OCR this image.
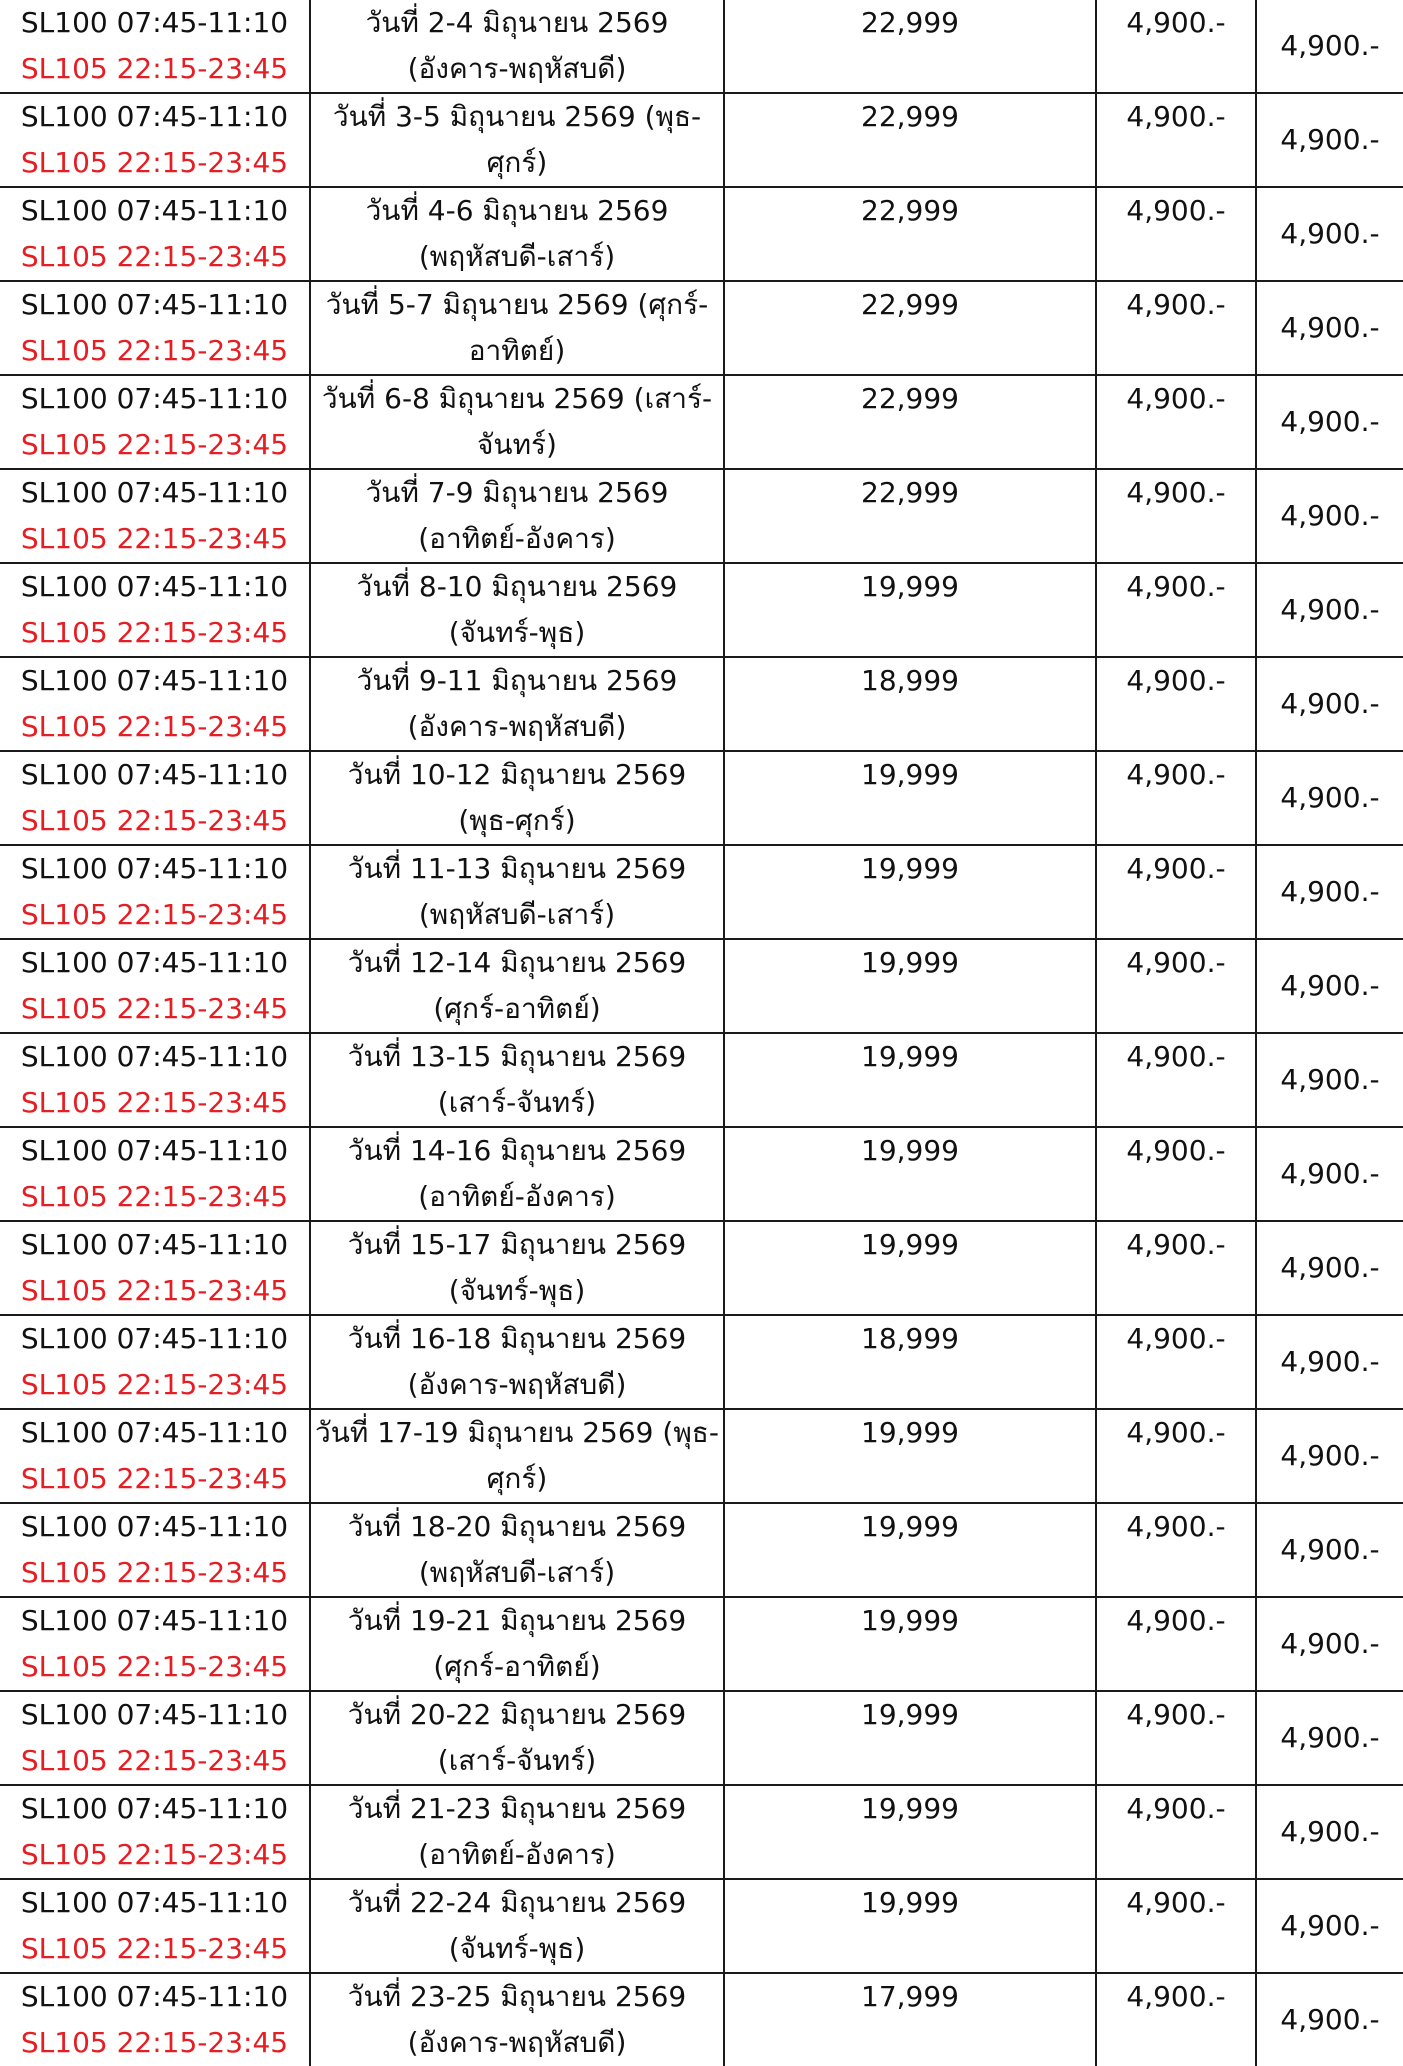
SL100 07:45-11:10
SL105 22:15-23:45	วันที่ 2-4 มิถุนายน 2569
(อังคาร-พฤหัสบดี)	22,999	4,900.-	4,900.-

SL100 07:45-11:10
SL105 22:15-23:45	วันที่ 3-5 มิถุนายน 2569 (พุธ-
ศุกร์)	22,999	4,900.-	4,900.-

SL100 07:45-11:10
SL105 22:15-23:45	วันที่ 4-6 มิถุนายน 2569
(พฤหัสบดี-เสาร์)	22,999	4,900.-	4,900.-

SL100 07:45-11:10
SL105 22:15-23:45	วันที่ 5-7 มิถุนายน 2569 (ศุกร์-
อาทิตย์)	22,999	4,900.-	4,900.-

SL100 07:45-11:10
SL105 22:15-23:45	วันที่ 6-8 มิถุนายน 2569 (เสาร์-
จันทร์)	22,999	4,900.-	4,900.-

SL100 07:45-11:10
SL105 22:15-23:45	วันที่ 7-9 มิถุนายน 2569
(อาทิตย์-อังคาร)	22,999	4,900.-	4,900.-

SL100 07:45-11:10
SL105 22:15-23:45	วันที่ 8-10 มิถุนายน 2569
(จันทร์-พุธ)	19,999	4,900.-	4,900.-

SL100 07:45-11:10
SL105 22:15-23:45	วันที่ 9-11 มิถุนายน 2569
(อังคาร-พฤหัสบดี)	18,999	4,900.-	4,900.-

SL100 07:45-11:10
SL105 22:15-23:45	วันที่ 10-12 มิถุนายน 2569
(พุธ-ศุกร์)	19,999	4,900.-	4,900.-

SL100 07:45-11:10
SL105 22:15-23:45	วันที่ 11-13 มิถุนายน 2569
(พฤหัสบดี-เสาร์)	19,999	4,900.-	4,900.-

SL100 07:45-11:10
SL105 22:15-23:45	วันที่ 12-14 มิถุนายน 2569
(ศุกร์-อาทิตย์)	19,999	4,900.-	4,900.-

SL100 07:45-11:10
SL105 22:15-23:45	วันที่ 13-15 มิถุนายน 2569
(เสาร์-จันทร์)	19,999	4,900.-	4,900.-

SL100 07:45-11:10
SL105 22:15-23:45	วันที่ 14-16 มิถุนายน 2569
(อาทิตย์-อังคาร)	19,999	4,900.-	4,900.-

SL100 07:45-11:10
SL105 22:15-23:45	วันที่ 15-17 มิถุนายน 2569
(จันทร์-พุธ)	19,999	4,900.-	4,900.-

SL100 07:45-11:10
SL105 22:15-23:45	วันที่ 16-18 มิถุนายน 2569
(อังคาร-พฤหัสบดี)	18,999	4,900.-	4,900.-

SL100 07:45-11:10
SL105 22:15-23:45	วันที่ 17-19 มิถุนายน 2569 (พุธ-
ศุกร์)	19,999	4,900.-	4,900.-

SL100 07:45-11:10
SL105 22:15-23:45	วันที่ 18-20 มิถุนายน 2569
(พฤหัสบดี-เสาร์)	19,999	4,900.-	4,900.-

SL100 07:45-11:10
SL105 22:15-23:45	วันที่ 19-21 มิถุนายน 2569
(ศุกร์-อาทิตย์)	19,999	4,900.-	4,900.-

SL100 07:45-11:10
SL105 22:15-23:45	วันที่ 20-22 มิถุนายน 2569
(เสาร์-จันทร์)	19,999	4,900.-	4,900.-

SL100 07:45-11:10
SL105 22:15-23:45	วันที่ 21-23 มิถุนายน 2569
(อาทิตย์-อังคาร)	19,999	4,900.-	4,900.-

SL100 07:45-11:10
SL105 22:15-23:45	วันที่ 22-24 มิถุนายน 2569
(จันทร์-พุธ)	19,999	4,900.-	4,900.-

SL100 07:45-11:10
SL105 22:15-23:45	วันที่ 23-25 มิถุนายน 2569
(อังคาร-พฤหัสบดี)	17,999	4,900.-	4,900.-
